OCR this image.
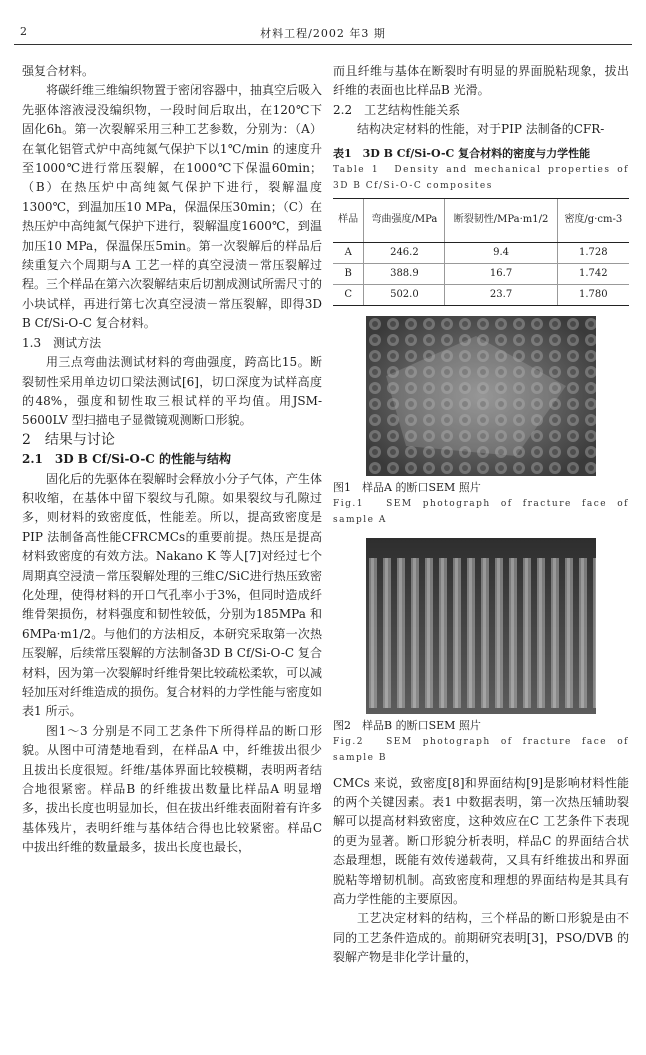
2	材料工程/2002 年3 期

强复合材料。

将碳纤维三维编织物置于密闭容器中，抽真空后吸入先驱体溶液浸没编织物，一段时间后取出，在120℃下固化6h。第一次裂解采用三种工艺参数，分别为：（A）在氧化铝管式炉中高纯氮气保护下以1℃/min 的速度升至1000℃进行常压裂解，在1000℃下保温60min；（B）在热压炉中高纯氮气保护下进行，裂解温度1300℃，到温加压10 MPa，保温保压30min；（C）在热压炉中高纯氮气保护下进行，裂解温度1600℃，到温加压10 MPa，保温保压5min。第一次裂解后的样品后续重复六个周期与A 工艺一样的真空浸渍－常压裂解过程。三个样品在第六次裂解结束后切割成测试所需尺寸的小块试样，再进行第七次真空浸渍－常压裂解，即得3D B Cf/Si-O-C 复合材料。

1.3　测试方法

用三点弯曲法测试材料的弯曲强度，跨高比15。断裂韧性采用单边切口梁法测试[6]，切口深度为试样高度的48%，强度和韧性取三根试样的平均值。用JSM-5600LV 型扫描电子显微镜观测断口形貌。

2　结果与讨论

2.1　3D B Cf/Si-O-C 的性能与结构

固化后的先驱体在裂解时会释放小分子气体，产生体积收缩，在基体中留下裂纹与孔隙。如果裂纹与孔隙过多，则材料的致密度低，性能差。所以，提高致密度是PIP 法制备高性能CFRCMCs的重要前提。热压是提高材料致密度的有效方法。Nakano K 等人[7]对经过七个周期真空浸渍－常压裂解处理的三维C/SiC进行热压致密化处理，使得材料的开口气孔率小于3%，但同时造成纤维骨架损伤，材料强度和韧性较低，分别为185MPa 和6MPa·m1/2。与他们的方法相反，本研究采取第一次热压裂解，后续常压裂解的方法制备3D B Cf/Si-O-C 复合材料，因为第一次裂解时纤维骨架比较疏松柔软，可以减轻加压对纤维造成的损伤。复合材料的力学性能与密度如表1 所示。

图1～3 分别是不同工艺条件下所得样品的断口形貌。从图中可清楚地看到，在样品A 中，纤维拔出很少且拔出长度很短。纤维/基体界面比较模糊，表明两者结合地很紧密。样品B 的纤维拔出数量比样品A 明显增多，拔出长度也明显加长，但在拔出纤维表面附着有许多基体残片，表明纤维与基体结合得也比较紧密。样品C 中拔出纤维的数量最多，拔出长度也最长，

而且纤维与基体在断裂时有明显的界面脱粘现象，拔出纤维的表面也比样品B 光滑。

2.2　工艺结构性能关系

结构决定材料的性能，对于PIP 法制备的CFR-

表1　3D B Cf/Si-O-C 复合材料的密度与力学性能

Table 1　Density and mechanical properties of 3D B Cf/Si-O-C composites

样品	弯曲强度/MPa	断裂韧性/MPa·m1/2	密度/g·cm-3
A	246.2	9.4	1.728
B	388.9	16.7	1.742
C	502.0	23.7	1.780

图1　样品A 的断口SEM 照片

Fig.1　SEM photograph of fracture face of sample A

图2　样品B 的断口SEM 照片

Fig.2　SEM photograph of fracture face of sample B

CMCs 来说，致密度[8]和界面结构[9]是影响材料性能的两个关键因素。表1 中数据表明，第一次热压辅助裂解可以提高材料致密度，这种效应在C 工艺条件下表现的更为显著。断口形貌分析表明，样品C 的界面结合状态最理想，既能有效传递载荷，又具有纤维拔出和界面脱粘等增韧机制。高致密度和理想的界面结构是其具有高力学性能的主要原因。

工艺决定材料的结构，三个样品的断口形貌是由不同的工艺条件造成的。前期研究表明[3]，PSO/DVB 的裂解产物是非化学计量的，
